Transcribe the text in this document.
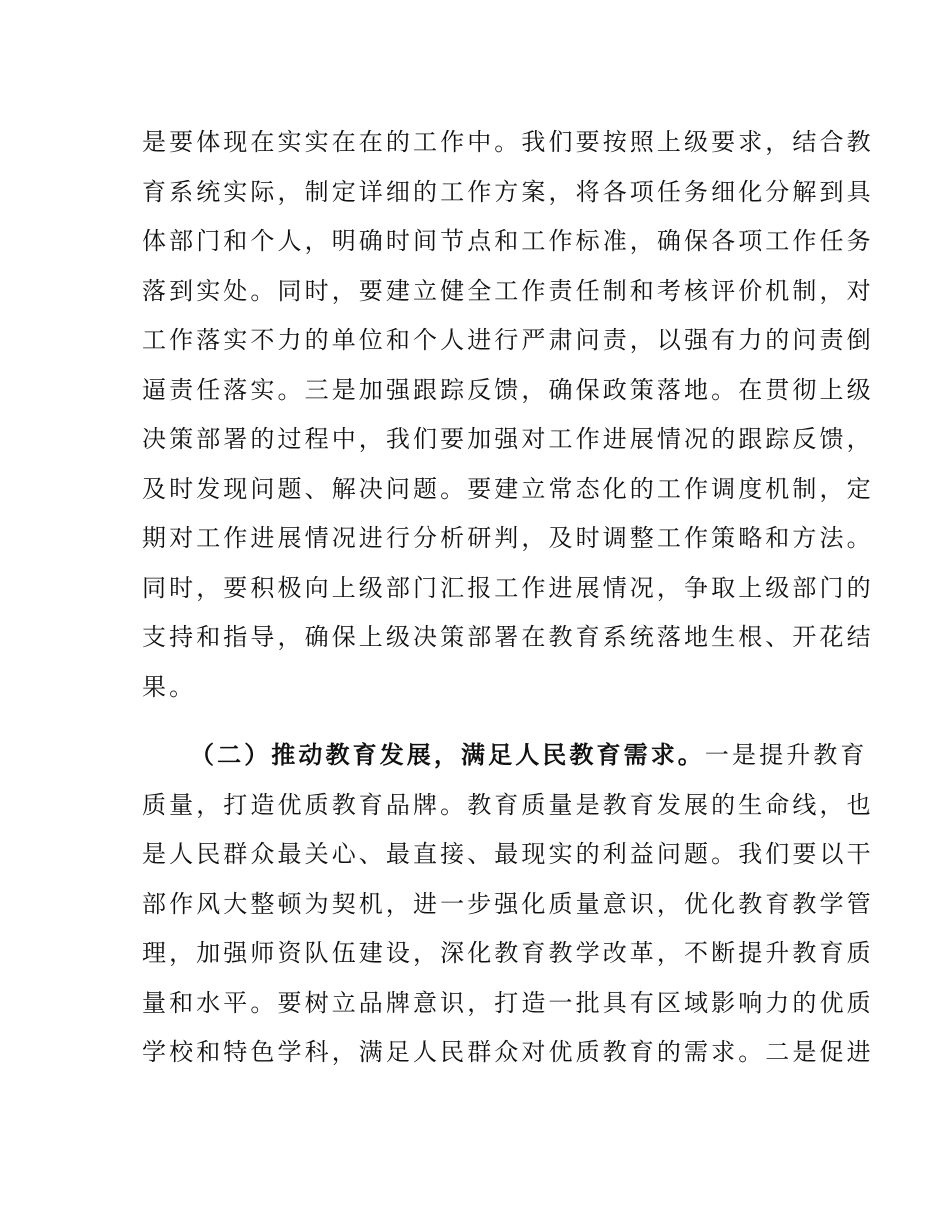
是要体现在实实在在的工作中。我们要按照上级要求，结合教
育系统实际，制定详细的工作方案，将各项任务细化分解到具
体部门和个人，明确时间节点和工作标准，确保各项工作任务
落到实处。同时，要建立健全工作责任制和考核评价机制，对
工作落实不力的单位和个人进行严肃问责，以强有力的问责倒
逼责任落实。三是加强跟踪反馈，确保政策落地。在贯彻上级
决策部署的过程中，我们要加强对工作进展情况的跟踪反馈，
及时发现问题、解决问题。要建立常态化的工作调度机制，定
期对工作进展情况进行分析研判，及时调整工作策略和方法。
同时，要积极向上级部门汇报工作进展情况，争取上级部门的
支持和指导，确保上级决策部署在教育系统落地生根、开花结
果。
（二）推动教育发展，满足人民教育需求。一是提升教育
质量，打造优质教育品牌。教育质量是教育发展的生命线，也
是人民群众最关心、最直接、最现实的利益问题。我们要以干
部作风大整顿为契机，进一步强化质量意识，优化教育教学管
理，加强师资队伍建设，深化教育教学改革，不断提升教育质
量和水平。要树立品牌意识，打造一批具有区域影响力的优质
学校和特色学科，满足人民群众对优质教育的需求。二是促进
